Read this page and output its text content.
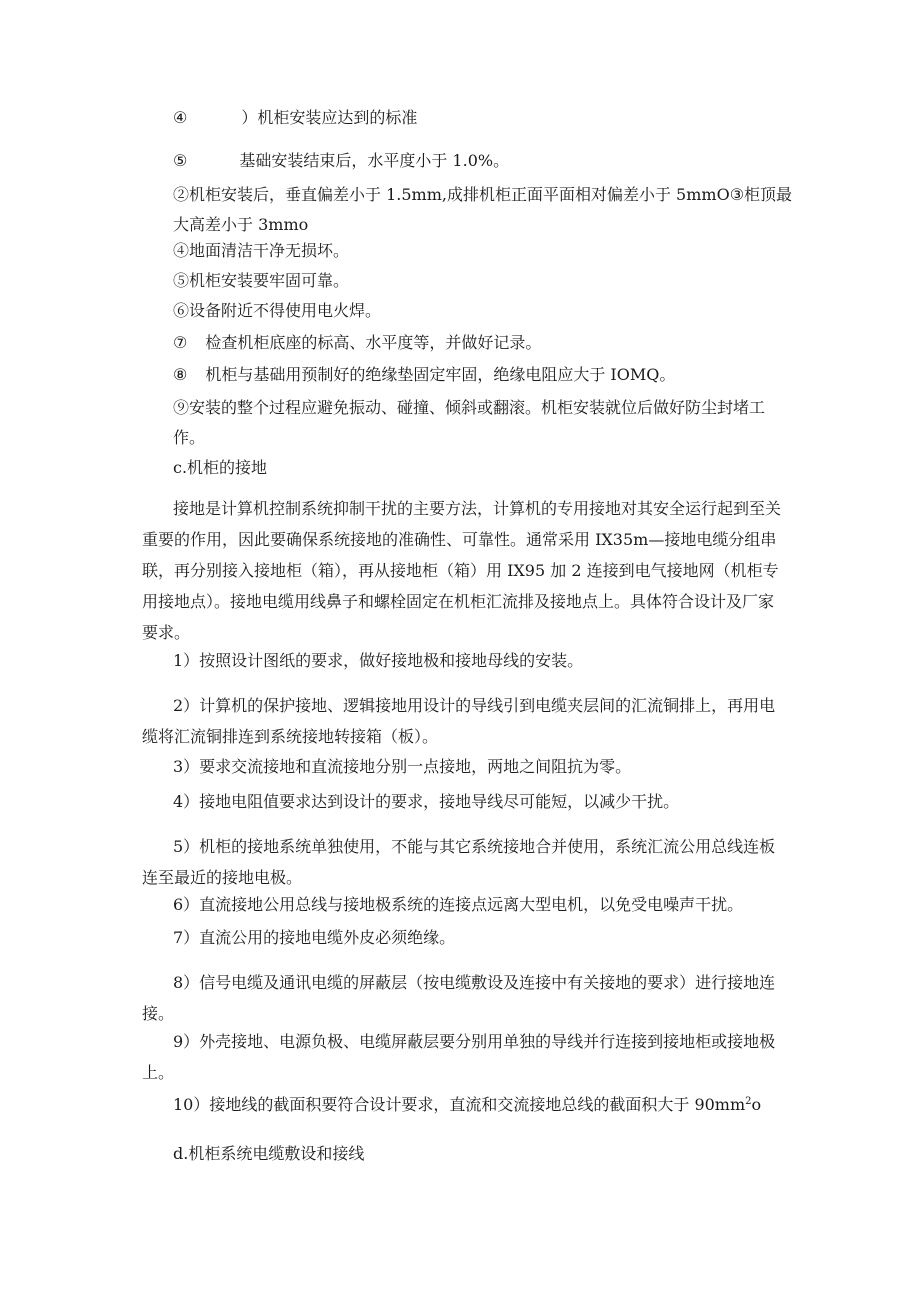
④	）机柜安装应达到的标准
⑤	基础安装结束后，水平度小于 1.0%。
②机柜安装后，垂直偏差小于 1.5mm,成排机柜正面平面相对偏差小于 5mmO③柜顶最大高差小于 3mmo
④地面清洁干净无损坏。
⑤机柜安装要牢固可靠。
⑥设备附近不得使用电火焊。
⑦ 检查机柜底座的标高、水平度等，并做好记录。
⑧ 机柜与基础用预制好的绝缘垫固定牢固，绝缘电阻应大于 IOMQ。
⑨安装的整个过程应避免振动、碰撞、倾斜或翻滚。机柜安装就位后做好防尘封堵工作。
c.机柜的接地
接地是计算机控制系统抑制干扰的主要方法，计算机的专用接地对其安全运行起到至关重要的作用，因此要确保系统接地的准确性、可靠性。通常采用 IX35m—接地电缆分组串联，再分别接入接地柜（箱），再从接地柜（箱）用 IX95 加 2 连接到电气接地网（机柜专用接地点）。接地电缆用线鼻子和螺栓固定在机柜汇流排及接地点上。具体符合设计及厂家要求。
1）按照设计图纸的要求，做好接地极和接地母线的安装。
2）计算机的保护接地、逻辑接地用设计的导线引到电缆夹层间的汇流铜排上，再用电缆将汇流铜排连到系统接地转接箱（板）。
3）要求交流接地和直流接地分别一点接地，两地之间阻抗为零。
4）接地电阻值要求达到设计的要求，接地导线尽可能短，以减少干扰。
5）机柜的接地系统单独使用，不能与其它系统接地合并使用，系统汇流公用总线连板连至最近的接地电极。
6）直流接地公用总线与接地极系统的连接点远离大型电机，以免受电噪声干扰。
7）直流公用的接地电缆外皮必须绝缘。
8）信号电缆及通讯电缆的屏蔽层（按电缆敷设及连接中有关接地的要求）进行接地连接。
9）外壳接地、电源负极、电缆屏蔽层要分别用单独的导线并行连接到接地柜或接地极上。
10）接地线的截面积要符合设计要求，直流和交流接地总线的截面积大于 $90mm^2o$
d.机柜系统电缆敷设和接线
